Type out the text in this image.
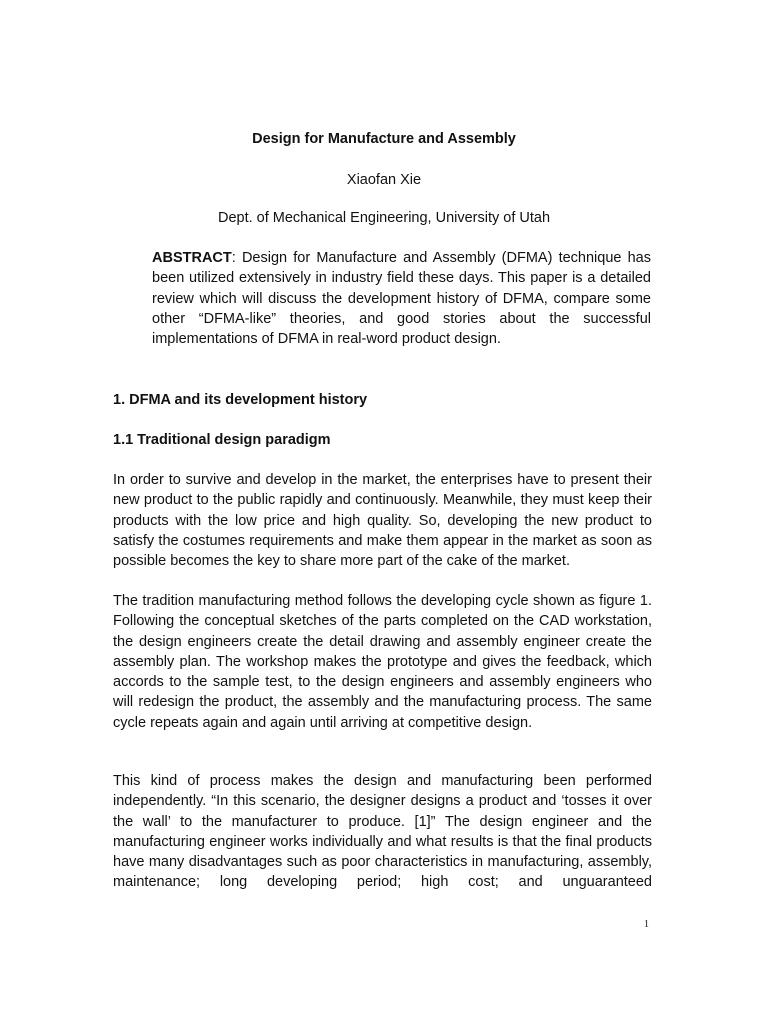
Design for Manufacture and Assembly
Xiaofan Xie
Dept. of Mechanical Engineering, University of Utah
ABSTRACT: Design for Manufacture and Assembly (DFMA) technique has been utilized extensively in industry field these days. This paper is a detailed review which will discuss the development history of DFMA, compare some other “DFMA-like” theories, and good stories about the successful implementations of DFMA in real-word product design.
1. DFMA and its development history
1.1 Traditional design paradigm

In order to survive and develop in the market, the enterprises have to present their new product to the public rapidly and continuously. Meanwhile, they must keep their products with the low price and high quality. So, developing the new product to satisfy the costumes requirements and make them appear in the market as soon as possible becomes the key to share more part of the cake of the market.

The tradition manufacturing method follows the developing cycle shown as figure 1. Following the conceptual sketches of the parts completed on the CAD workstation, the design engineers create the detail drawing and assembly engineer create the assembly plan. The workshop makes the prototype and gives the feedback, which accords to the sample test, to the design engineers and assembly engineers who will redesign the product, the assembly and the manufacturing process. The same cycle repeats again and again until arriving at competitive design.

This kind of process makes the design and manufacturing been performed independently. “In this scenario, the designer designs a product and ‘tosses it over the wall’ to the manufacturer to produce. [1]” The design engineer and the manufacturing engineer works individually and what results is that the final products have many disadvantages such as poor characteristics in manufacturing, assembly, maintenance; long developing period; high cost; and unguaranteed

1
